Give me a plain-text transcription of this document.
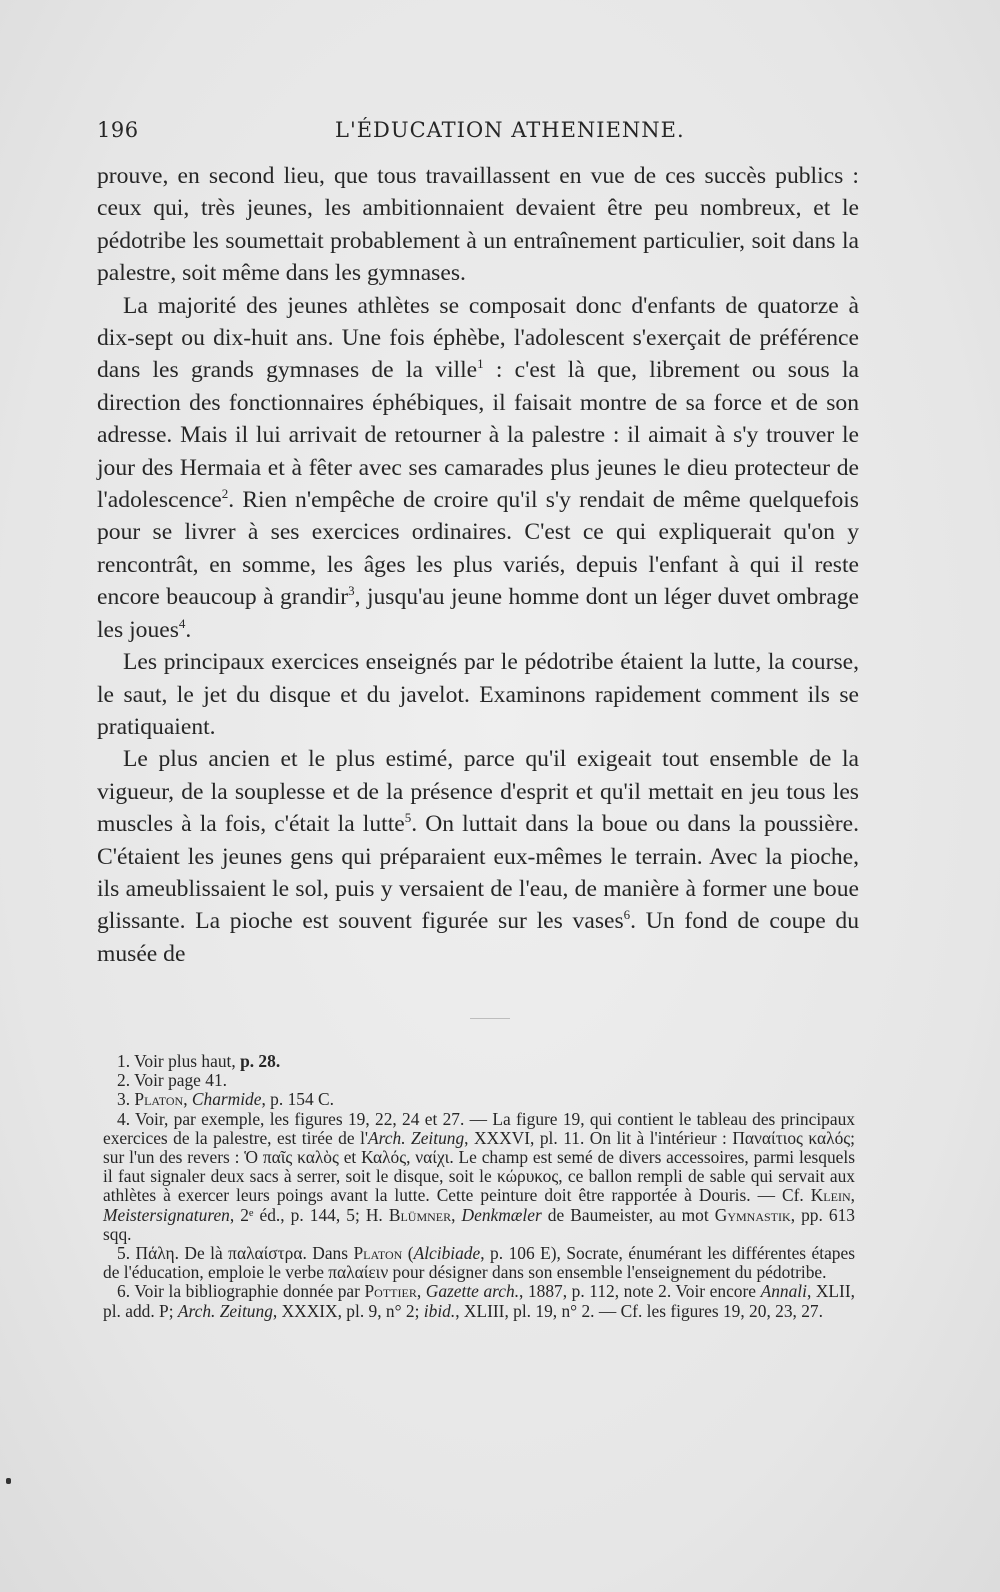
196	L'ÉDUCATION ATHENIENNE.

prouve, en second lieu, que tous travaillassent en vue de ces succès publics : ceux qui, très jeunes, les ambitionnaient devaient être peu nombreux, et le pédotribe les soumettait probablement à un entraînement particulier, soit dans la palestre, soit même dans les gymnases.

La majorité des jeunes athlètes se composait donc d'enfants de quatorze à dix-sept ou dix-huit ans. Une fois éphèbe, l'adolescent s'exerçait de préférence dans les grands gymnases de la ville$^1$ : c'est là que, librement ou sous la direction des fonctionnaires éphébiques, il faisait montre de sa force et de son adresse. Mais il lui arrivait de retourner à la palestre : il aimait à s'y trouver le jour des Hermaia et à fêter avec ses camarades plus jeunes le dieu protecteur de l'adolescence$^2$. Rien n'empêche de croire qu'il s'y rendait de même quelquefois pour se livrer à ses exercices ordinaires. C'est ce qui expliquerait qu'on y rencontrât, en somme, les âges les plus variés, depuis l'enfant à qui il reste encore beaucoup à grandir$^3$, jusqu'au jeune homme dont un léger duvet ombrage les joues$^4$.

Les principaux exercices enseignés par le pédotribe étaient la lutte, la course, le saut, le jet du disque et du javelot. Examinons rapidement comment ils se pratiquaient.

Le plus ancien et le plus estimé, parce qu'il exigeait tout ensemble de la vigueur, de la souplesse et de la présence d'esprit et qu'il mettait en jeu tous les muscles à la fois, c'était la lutte$^5$. On luttait dans la boue ou dans la poussière. C'étaient les jeunes gens qui préparaient eux-mêmes le terrain. Avec la pioche, ils ameublissaient le sol, puis y versaient de l'eau, de manière à former une boue glissante. La pioche est souvent figurée sur les vases$^6$. Un fond de coupe du musée de

1. Voir plus haut, p. 28.

2. Voir page 41.

3. Platon, Charmide, p. 154 C.

4. Voir, par exemple, les figures 19, 22, 24 et 27. — La figure 19, qui contient le tableau des principaux exercices de la palestre, est tirée de l'Arch. Zeitung, XXXVI, pl. 11. On lit à l'intérieur : Παναίτιος καλός; sur l'un des revers : Ὁ παῖς καλὸς et Καλός, ναίχι. Le champ est semé de divers accessoires, parmi lesquels il faut signaler deux sacs à serrer, soit le disque, soit le κώρυκος, ce ballon rempli de sable qui servait aux athlètes à exercer leurs poings avant la lutte. Cette peinture doit être rapportée à Douris. — Cf. Klein, Meistersignaturen, 2ᵉ éd., p. 144, 5; H. Blümner, Denkmæler de Baumeister, au mot Gymnastik, pp. 613 sqq.

5. Πάλη. De là παλαίστρα. Dans Platon (Alcibiade, p. 106 E), Socrate, énumérant les différentes étapes de l'éducation, emploie le verbe παλαίειν pour désigner dans son ensemble l'enseignement du pédotribe.

6. Voir la bibliographie donnée par Pottier, Gazette arch., 1887, p. 112, note 2. Voir encore Annali, XLII, pl. add. P; Arch. Zeitung, XXXIX, pl. 9, n° 2; ibid., XLIII, pl. 19, n° 2. — Cf. les figures 19, 20, 23, 27.
